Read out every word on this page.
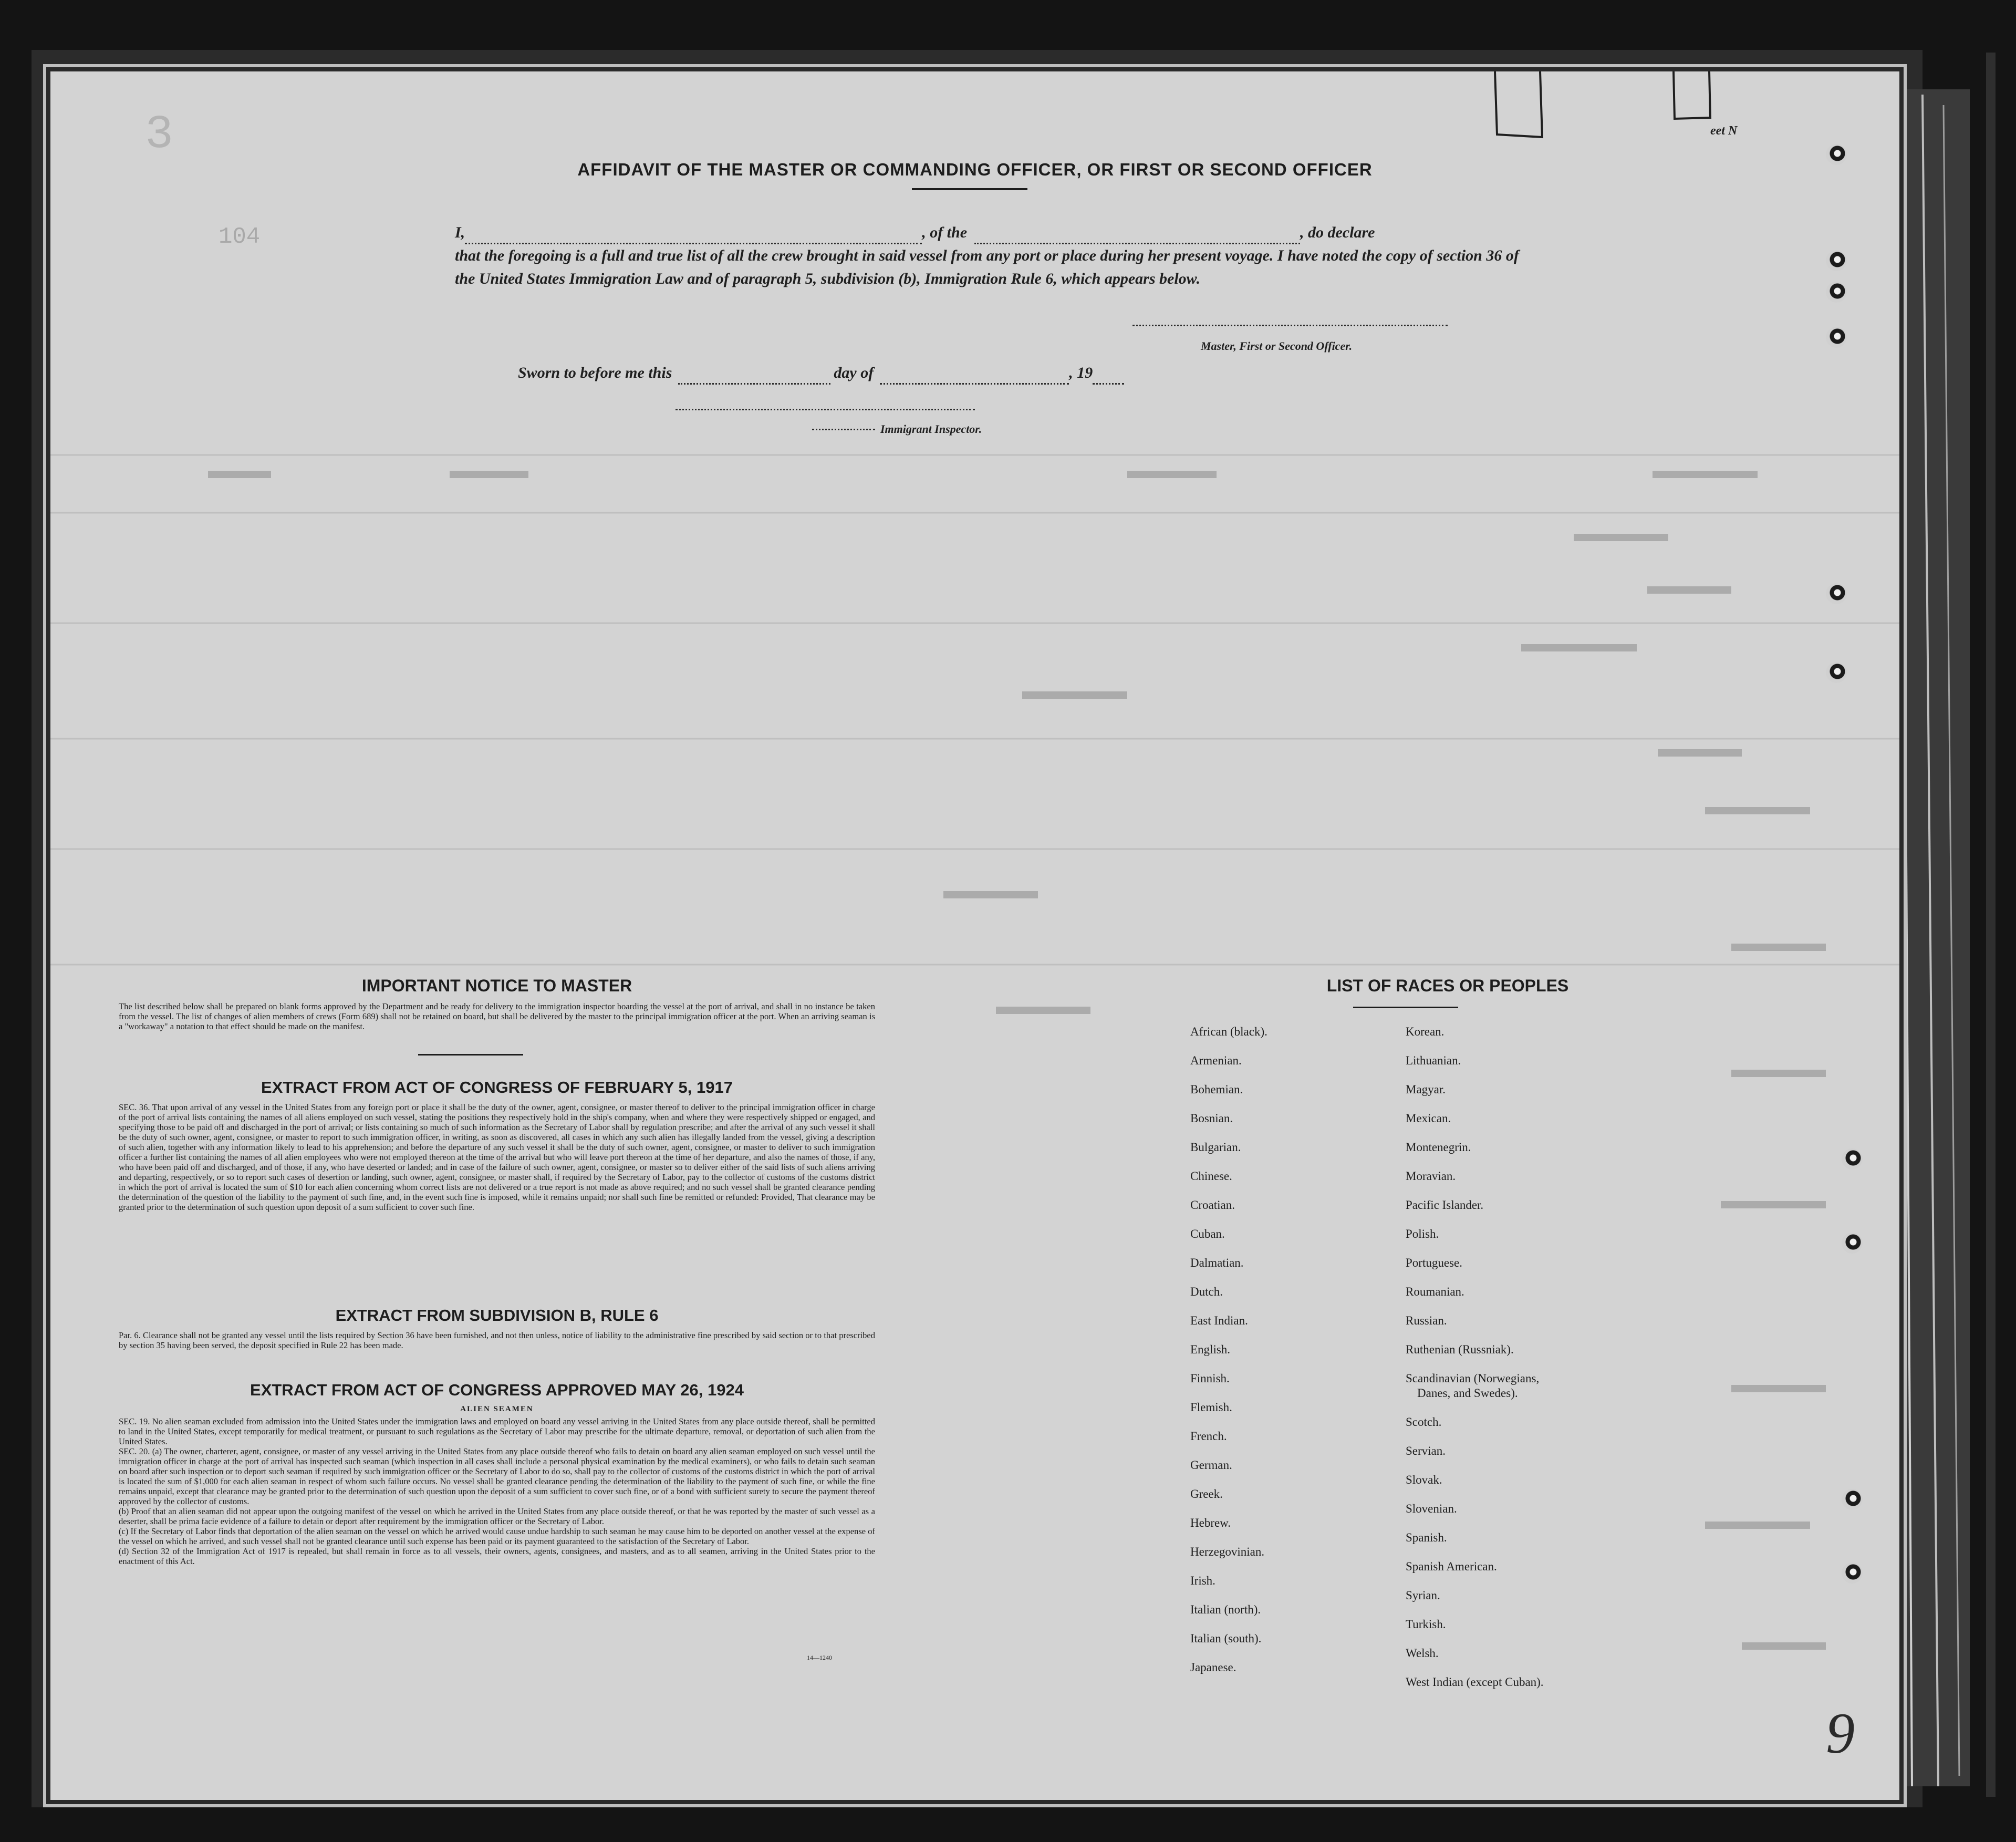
104
3	eet N
AFFIDAVIT OF THE MASTER OR COMMANDING OFFICER, OR FIRST OR SECOND OFFICER
I,	, of the	, do declare
that the foregoing is a full and true list of all the crew brought in said vessel from any port or place during her present voyage. I have noted the copy of section 36 of the United States Immigration Law and of paragraph 5, subdivision (b), Immigration Rule 6, which appears below.
Master, First or Second Officer.
Sworn to before me this	day of	, 19
Immigrant Inspector.
IMPORTANT NOTICE TO MASTER
The list described below shall be prepared on blank forms approved by the Department and be ready for delivery to the immigration inspector boarding the vessel at the port of arrival, and shall in no instance be taken from the vessel. The list of changes of alien members of crews (Form 689) shall not be retained on board, but shall be delivered by the master to the principal immigration officer at the port. When an arriving seaman is a "workaway" a notation to that effect should be made on the manifest.
EXTRACT FROM ACT OF CONGRESS OF FEBRUARY 5, 1917
SEC. 36. That upon arrival of any vessel in the United States from any foreign port or place it shall be the duty of the owner, agent, consignee, or master thereof to deliver to the principal immigration officer in charge of the port of arrival lists containing the names of all aliens employed on such vessel, stating the positions they respectively hold in the ship's company, when and where they were respectively shipped or engaged, and specifying those to be paid off and discharged in the port of arrival; or lists containing so much of such information as the Secretary of Labor shall by regulation prescribe; and after the arrival of any such vessel it shall be the duty of such owner, agent, consignee, or master to report to such immigration officer, in writing, as soon as discovered, all cases in which any such alien has illegally landed from the vessel, giving a description of such alien, together with any information likely to lead to his apprehension; and before the departure of any such vessel it shall be the duty of such owner, agent, consignee, or master to deliver to such immigration officer a further list containing the names of all alien employees who were not employed thereon at the time of the arrival but who will leave port thereon at the time of her departure, and also the names of those, if any, who have been paid off and discharged, and of those, if any, who have deserted or landed; and in case of the failure of such owner, agent, consignee, or master so to deliver either of the said lists of such aliens arriving and departing, respectively, or so to report such cases of desertion or landing, such owner, agent, consignee, or master shall, if required by the Secretary of Labor, pay to the collector of customs of the customs district in which the port of arrival is located the sum of $10 for each alien concerning whom correct lists are not delivered or a true report is not made as above required; and no such vessel shall be granted clearance pending the determination of the question of the liability to the payment of such fine, and, in the event such fine is imposed, while it remains unpaid; nor shall such fine be remitted or refunded: Provided, That clearance may be granted prior to the determination of such question upon deposit of a sum sufficient to cover such fine.
EXTRACT FROM SUBDIVISION B, RULE 6
Par. 6. Clearance shall not be granted any vessel until the lists required by Section 36 have been furnished, and not then unless, notice of liability to the administrative fine prescribed by said section or to that prescribed by section 35 having been served, the deposit specified in Rule 22 has been made.
EXTRACT FROM ACT OF CONGRESS APPROVED MAY 26, 1924
ALIEN SEAMEN
SEC. 19. No alien seaman excluded from admission into the United States under the immigration laws and employed on board any vessel arriving in the United States from any place outside thereof, shall be permitted to land in the United States, except temporarily for medical treatment, or pursuant to such regulations as the Secretary of Labor may prescribe for the ultimate departure, removal, or deportation of such alien from the United States.
SEC. 20. (a) The owner, charterer, agent, consignee, or master of any vessel arriving in the United States from any place outside thereof who fails to detain on board any alien seaman employed on such vessel until the immigration officer in charge at the port of arrival has inspected such seaman (which inspection in all cases shall include a personal physical examination by the medical examiners), or who fails to detain such seaman on board after such inspection or to deport such seaman if required by such immigration officer or the Secretary of Labor to do so, shall pay to the collector of customs of the customs district in which the port of arrival is located the sum of $1,000 for each alien seaman in respect of whom such failure occurs. No vessel shall be granted clearance pending the determination of the liability to the payment of such fine, or while the fine remains unpaid, except that clearance may be granted prior to the determination of such question upon the deposit of a sum sufficient to cover such fine, or of a bond with sufficient surety to secure the payment thereof approved by the collector of customs.
(b) Proof that an alien seaman did not appear upon the outgoing manifest of the vessel on which he arrived in the United States from any place outside thereof, or that he was reported by the master of such vessel as a deserter, shall be prima facie evidence of a failure to detain or deport after requirement by the immigration officer or the Secretary of Labor.
(c) If the Secretary of Labor finds that deportation of the alien seaman on the vessel on which he arrived would cause undue hardship to such seaman he may cause him to be deported on another vessel at the expense of the vessel on which he arrived, and such vessel shall not be granted clearance until such expense has been paid or its payment guaranteed to the satisfaction of the Secretary of Labor.
(d) Section 32 of the Immigration Act of 1917 is repealed, but shall remain in force as to all vessels, their owners, agents, consignees, and masters, and as to all seamen, arriving in the United States prior to the enactment of this Act.
14—1240
LIST OF RACES OR PEOPLES
African (black).
Armenian.
Bohemian.
Bosnian.
Bulgarian.
Chinese.
Croatian.
Cuban.
Dalmatian.
Dutch.
East Indian.
English.
Finnish.
Flemish.
French.
German.
Greek.
Hebrew.
Herzegovinian.
Irish.
Italian (north).
Italian (south).
Japanese.
Korean.
Lithuanian.
Magyar.
Mexican.
Montenegrin.
Moravian.
Pacific Islander.
Polish.
Portuguese.
Roumanian.
Russian.
Ruthenian (Russniak).
Scandinavian (Norwegians,
Danes, and Swedes).
Scotch.
Servian.
Slovak.
Slovenian.
Spanish.
Spanish American.
Syrian.
Turkish.
Welsh.
West Indian (except Cuban).
9
